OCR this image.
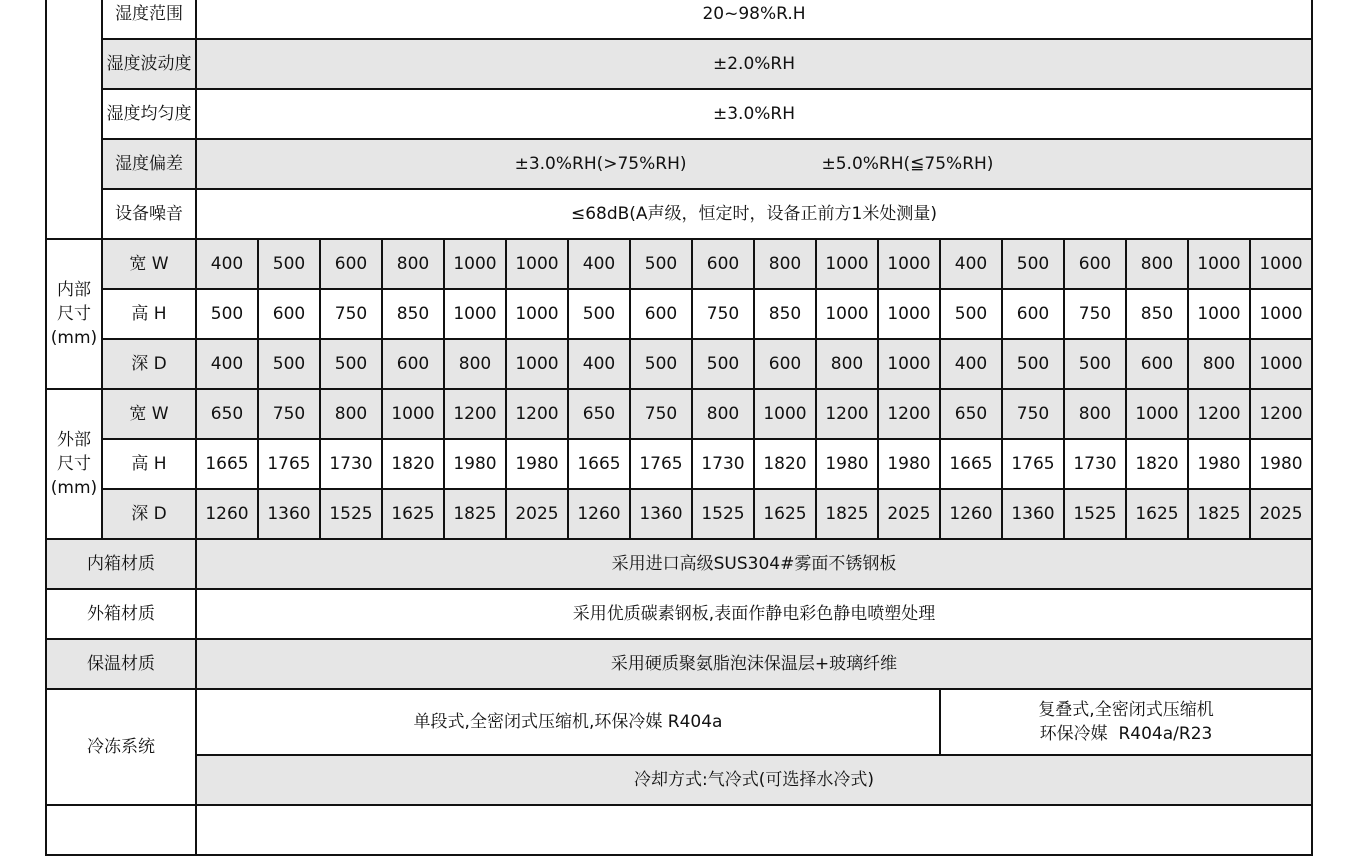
	湿度范围	20~98%R.H																	
	湿度波动度	±2.0%RH																	
	湿度均匀度	±3.0%RH																	
	湿度偏差	±3.0%RH(>75%RH) ±5.0%RH(≦75%RH)																	
	设备噪音	≤68dB(A声级，恒定时，设备正前方1米处测量)																	

内部
尺寸
(mm)	宽 W	400	500	600	800	1000	1000	400	500	600	800	1000	1000	400	500	600	800	1000	1000
	高 H	500	600	750	850	1000	1000	500	600	750	850	1000	1000	500	600	750	850	1000	1000
	深 D	400	500	500	600	800	1000	400	500	500	600	800	1000	400	500	500	600	800	1000

外部
尺寸
(mm)	宽 W	650	750	800	1000	1200	1200	650	750	800	1000	1200	1200	650	750	800	1000	1200	1200
	高 H	1665	1765	1730	1820	1980	1980	1665	1765	1730	1820	1980	1980	1665	1765	1730	1820	1980	1980
	深 D	1260	1360	1525	1625	1825	2025	1260	1360	1525	1625	1825	2025	1260	1360	1525	1625	1825	2025
内箱材质		采用进口高级SUS304#雾面不锈钢板																	
外箱材质		采用优质碳素钢板,表面作静电彩色静电喷塑处理																	
保温材质		采用硬质聚氨脂泡沫保温层+玻璃纤维																	
冷冻系统		单段式,全密闭式压缩机,环保冷媒 R404a												复叠式,全密闭式压缩机
环保冷媒  R404a/R23					

		冷却方式:气冷式(可选择水冷式)																	
